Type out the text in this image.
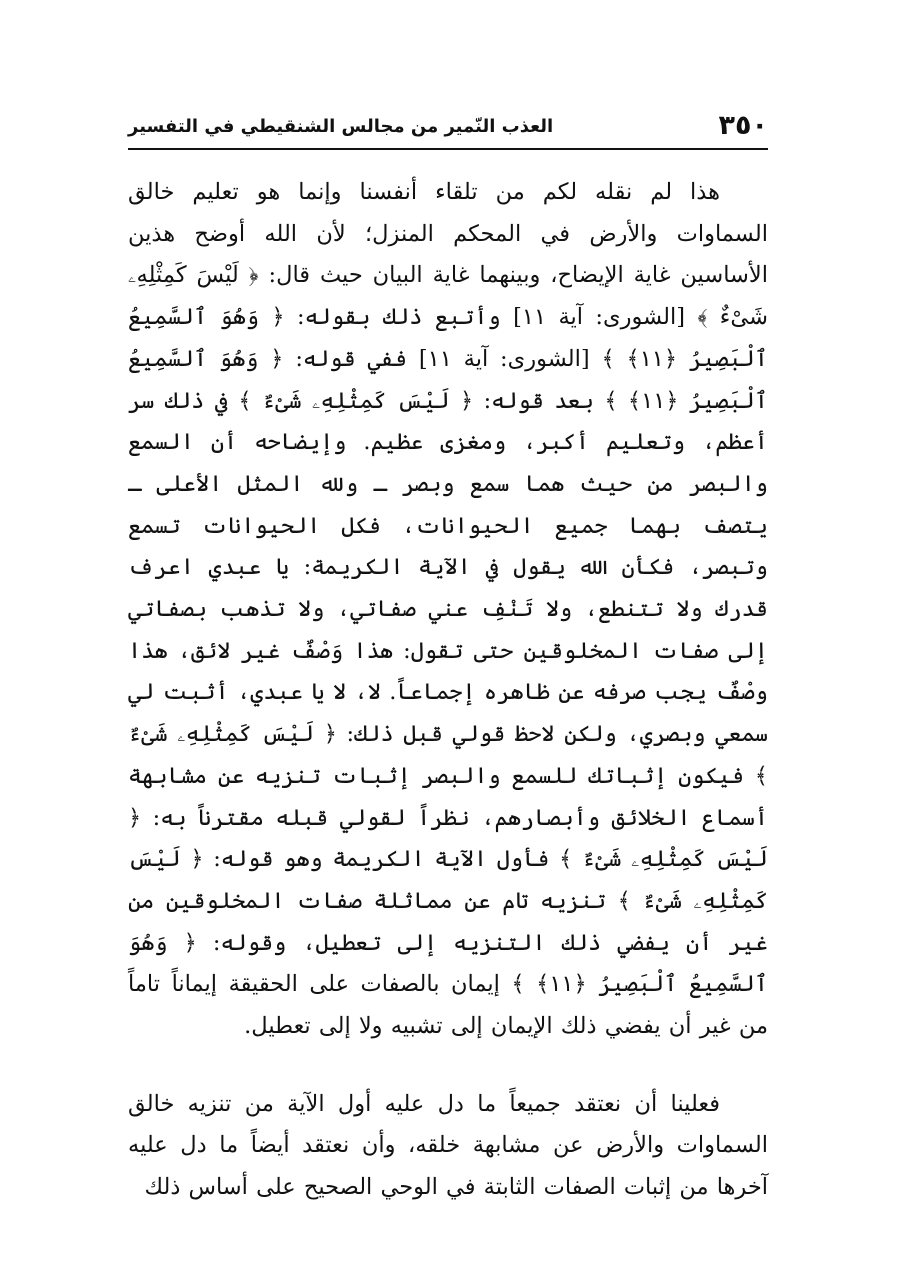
٣٥٠
العذب النّمير من مجالس الشنقيطي في التفسير

هذا لم نقله لكم من تلقاء أنفسنا وإنما هو تعليم خالق السماوات والأرض في المحكم المنزل؛ لأن الله أوضح هذين الأساسين غاية الإيضاح، وبينهما غاية البيان حيث قال: ﴿ لَيْسَ كَمِثْلِهِۦ شَىْءٌ ﴾ [الشورى: آية ١١] وأتبع ذلك بقوله: ﴿ وَهُوَ ٱلسَّمِيعُ ٱلْبَصِيرُ ﴿١١﴾ ﴾ [الشورى: آية ١١] ففي قوله: ﴿ وَهُوَ ٱلسَّمِيعُ ٱلْبَصِيرُ ﴿١١﴾ ﴾ بعد قوله: ﴿ لَيْسَ كَمِثْلِهِۦ شَىْءٌ ﴾ في ذلك سر أعظم، وتعليم أكبر، ومغزى عظيم. وإيضاحه أن السمع والبصر من حيث هما سمع وبصر ـ ولله المثل الأعلى ـ يتصف بهما جميع الحيوانات، فكل الحيوانات تسمع وتبصر، فكأن الله يقول في الآية الكريمة: يا عبدي اعرف قدرك ولا تتنطع، ولا تَنْفِ عني صفاتي، ولا تذهب بصفاتي إلى صفات المخلوقين حتى تقول: هذا وَصْفٌ غير لائق، هذا وصْفٌ يجب صرفه عن ظاهره إجماعاً. لا، لا يا عبدي، أثبت لي سمعي وبصري، ولكن لاحظ قولي قبل ذلك: ﴿ لَيْسَ كَمِثْلِهِۦ شَىْءٌ ﴾ فيكون إثباتك للسمع والبصر إثبات تنزيه عن مشابهة أسماع الخلائق وأبصارهم، نظراً لقولي قبله مقترناً به: ﴿ لَيْسَ كَمِثْلِهِۦ شَىْءٌ ﴾ فأول الآية الكريمة وهو قوله: ﴿ لَيْسَ كَمِثْلِهِۦ شَىْءٌ ﴾ تنزيه تام عن مماثلة صفات المخلوقين من غير أن يفضي ذلك التنزيه إلى تعطيل، وقوله: ﴿ وَهُوَ ٱلسَّمِيعُ ٱلْبَصِيرُ ﴿١١﴾ ﴾ إيمان بالصفات على الحقيقة إيماناً تاماً من غير أن يفضي ذلك الإيمان إلى تشبيه ولا إلى تعطيل.

فعلينا أن نعتقد جميعاً ما دل عليه أول الآية من تنزيه خالق السماوات والأرض عن مشابهة خلقه، وأن نعتقد أيضاً ما دل عليه آخرها من إثبات الصفات الثابتة في الوحي الصحيح على أساس ذلك
